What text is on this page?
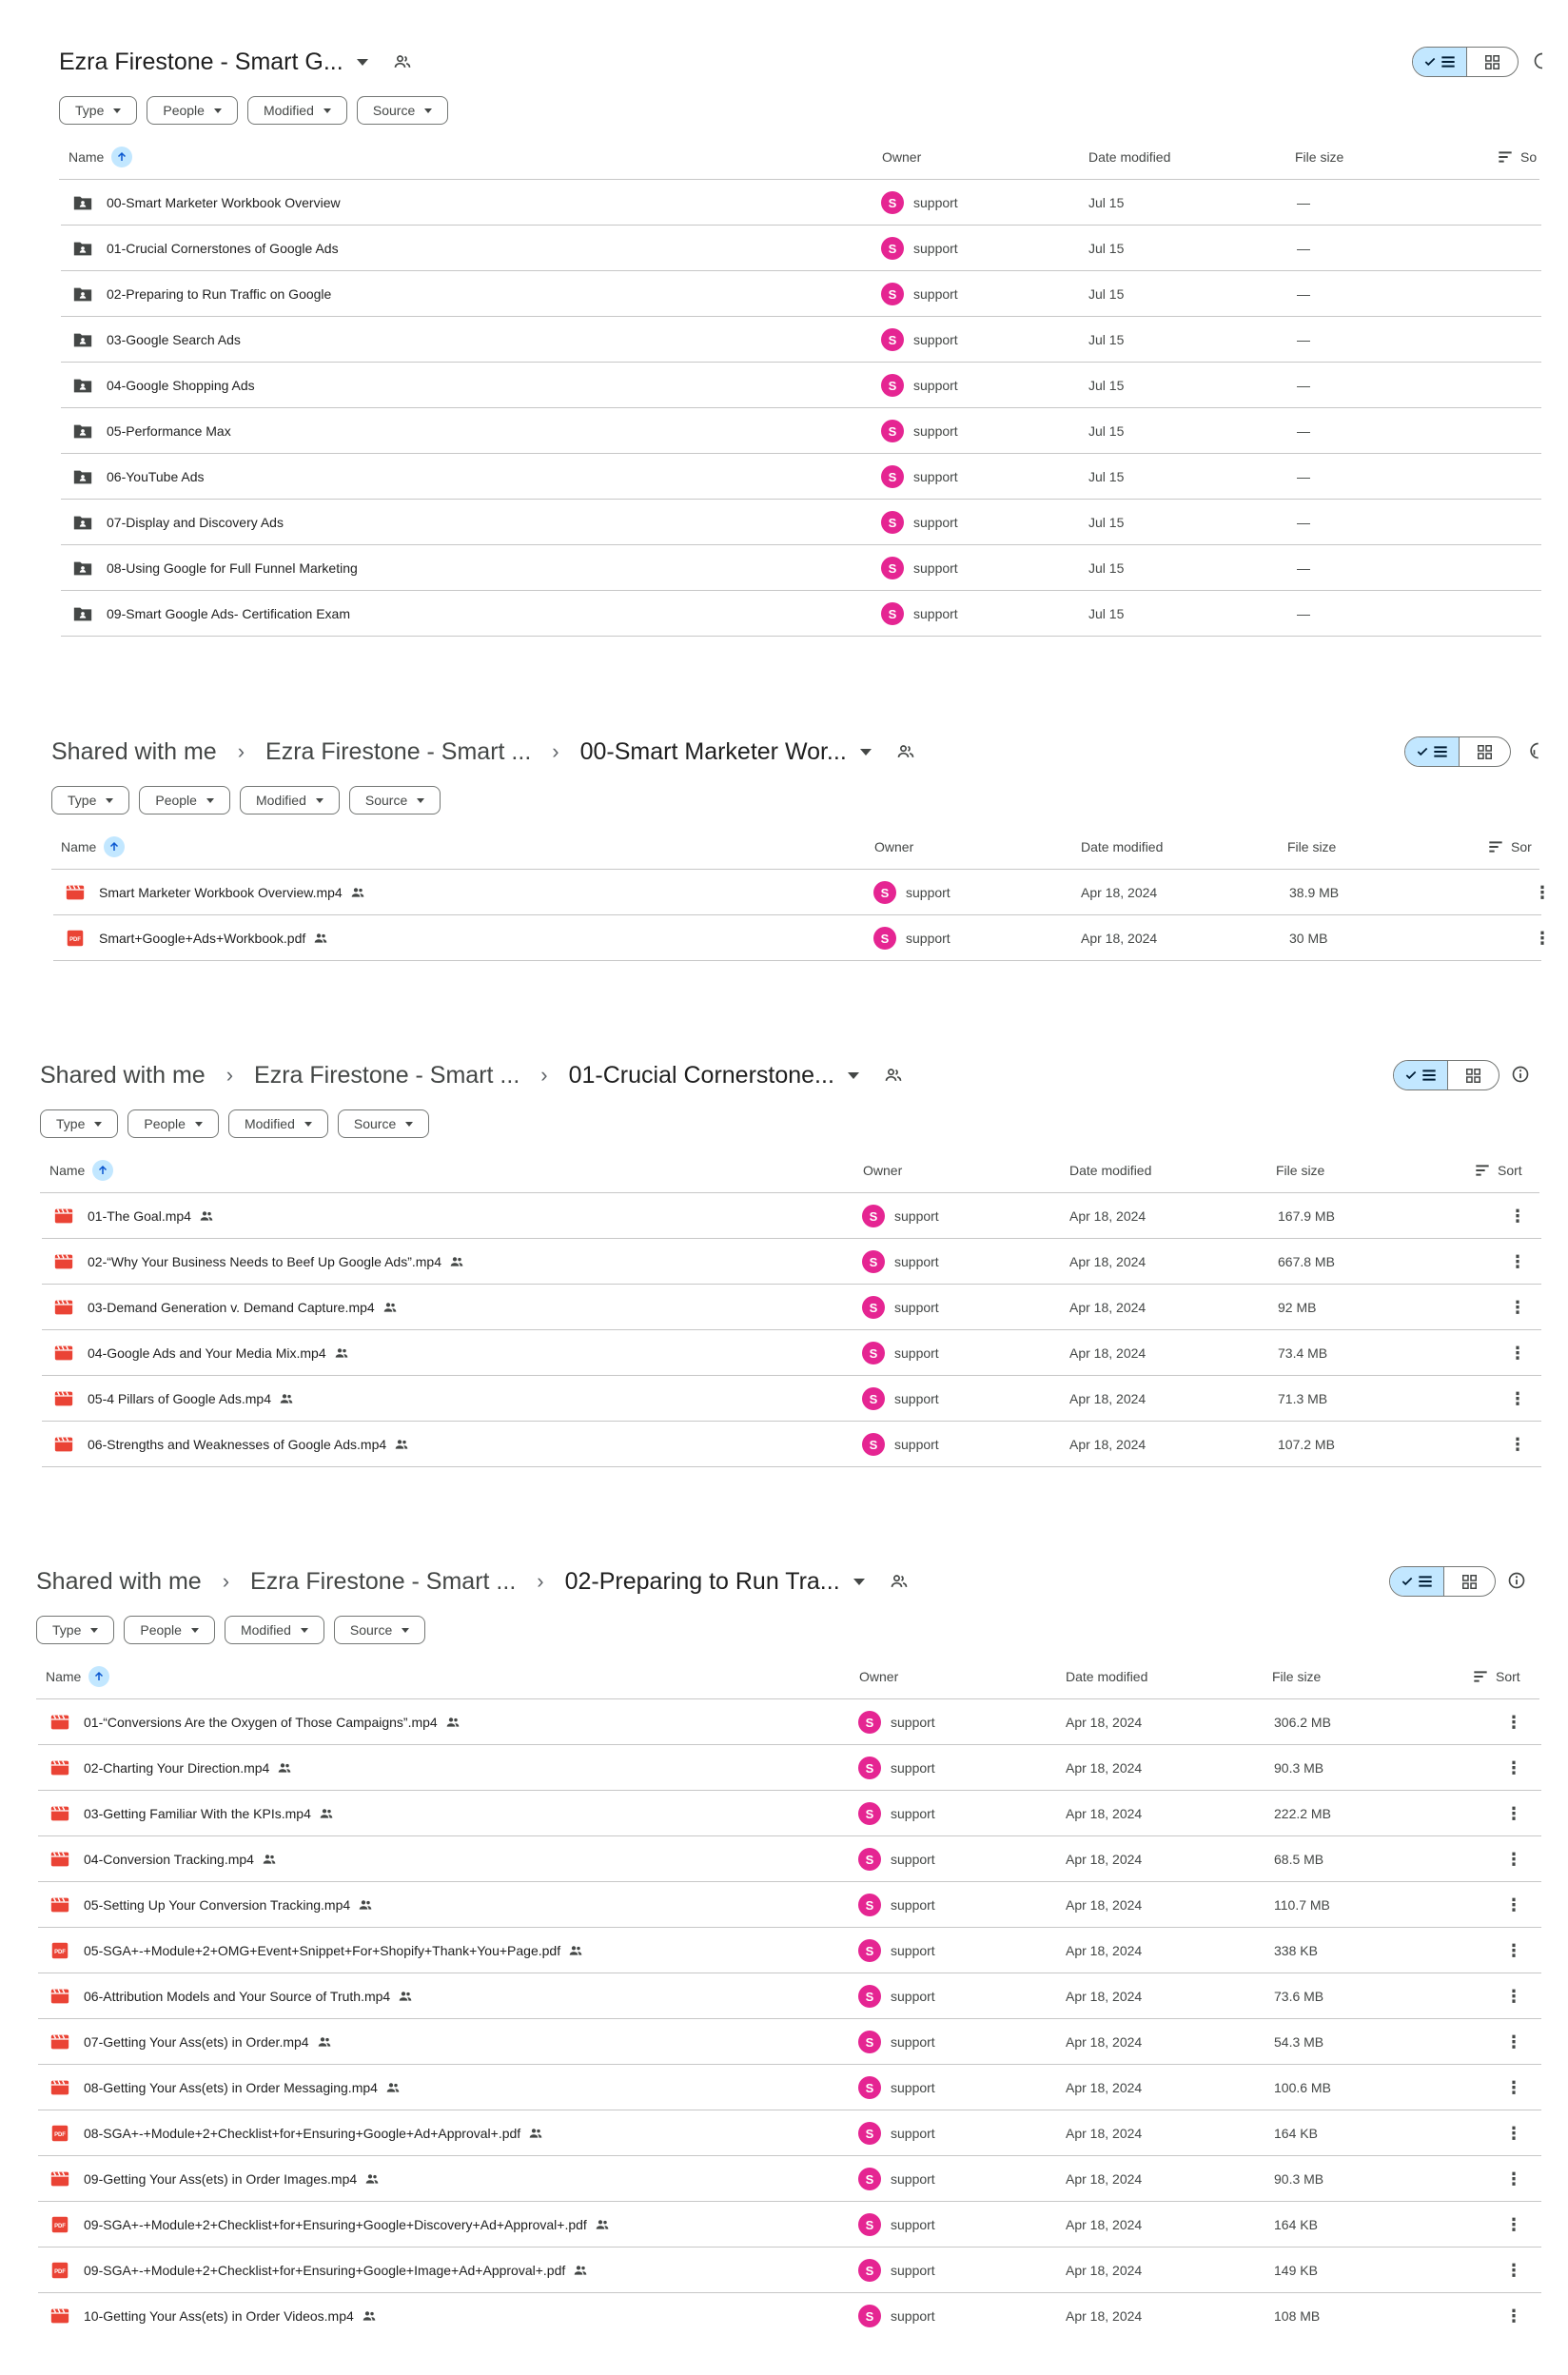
Ezra Firestone - Smart G...
Type	People	Modified	Source
Name	Owner	Date modified	File size	So
00-Smart Marketer Workbook Overview	S	support	Jul 15	—
01-Crucial Cornerstones of Google Ads	S	support	Jul 15	—
02-Preparing to Run Traffic on Google	S	support	Jul 15	—
03-Google Search Ads	S	support	Jul 15	—
04-Google Shopping Ads	S	support	Jul 15	—
05-Performance Max	S	support	Jul 15	—
06-YouTube Ads	S	support	Jul 15	—
07-Display and Discovery Ads	S	support	Jul 15	—
08-Using Google for Full Funnel Marketing	S	support	Jul 15	—
09-Smart Google Ads- Certification Exam	S	support	Jul 15	—
Shared with me › Ezra Firestone - Smart ... › 00-Smart Marketer Wor...
Type	People	Modified	Source
Name	Owner	Date modified	File size	Sor
Smart Marketer Workbook Overview.mp4	S	support	Apr 18, 2024	38.9 MB	⋮
PDF Smart+Google+Ads+Workbook.pdf	S	support	Apr 18, 2024	30 MB	⋮
Shared with me › Ezra Firestone - Smart ... › 01-Crucial Cornerstone...
Type	People	Modified	Source
Name	Owner	Date modified	File size	Sort
01-The Goal.mp4	S	support	Apr 18, 2024	167.9 MB	⋮
02-“Why Your Business Needs to Beef Up Google Ads”.mp4	S	support	Apr 18, 2024	667.8 MB	⋮
03-Demand Generation v. Demand Capture.mp4	S	support	Apr 18, 2024	92 MB	⋮
04-Google Ads and Your Media Mix.mp4	S	support	Apr 18, 2024	73.4 MB	⋮
05-4 Pillars of Google Ads.mp4	S	support	Apr 18, 2024	71.3 MB	⋮
06-Strengths and Weaknesses of Google Ads.mp4	S	support	Apr 18, 2024	107.2 MB	⋮
Shared with me › Ezra Firestone - Smart ... › 02-Preparing to Run Tra...
Type	People	Modified	Source
Name	Owner	Date modified	File size	Sort
01-“Conversions Are the Oxygen of Those Campaigns”.mp4	S	support	Apr 18, 2024	306.2 MB	⋮
02-Charting Your Direction.mp4	S	support	Apr 18, 2024	90.3 MB	⋮
03-Getting Familiar With the KPIs.mp4	S	support	Apr 18, 2024	222.2 MB	⋮
04-Conversion Tracking.mp4	S	support	Apr 18, 2024	68.5 MB	⋮
05-Setting Up Your Conversion Tracking.mp4	S	support	Apr 18, 2024	110.7 MB	⋮
PDF 05-SGA+-+Module+2+OMG+Event+Snippet+For+Shopify+Thank+You+Page.pdf	S	support	Apr 18, 2024	338 KB	⋮
06-Attribution Models and Your Source of Truth.mp4	S	support	Apr 18, 2024	73.6 MB	⋮
07-Getting Your Ass(ets) in Order.mp4	S	support	Apr 18, 2024	54.3 MB	⋮
08-Getting Your Ass(ets) in Order Messaging.mp4	S	support	Apr 18, 2024	100.6 MB	⋮
PDF 08-SGA+-+Module+2+Checklist+for+Ensuring+Google+Ad+Approval+.pdf	S	support	Apr 18, 2024	164 KB	⋮
09-Getting Your Ass(ets) in Order Images.mp4	S	support	Apr 18, 2024	90.3 MB	⋮
PDF 09-SGA+-+Module+2+Checklist+for+Ensuring+Google+Discovery+Ad+Approval+.pdf	S	support	Apr 18, 2024	164 KB	⋮
PDF 09-SGA+-+Module+2+Checklist+for+Ensuring+Google+Image+Ad+Approval+.pdf	S	support	Apr 18, 2024	149 KB	⋮
10-Getting Your Ass(ets) in Order Videos.mp4	S	support	Apr 18, 2024	108 MB	⋮
